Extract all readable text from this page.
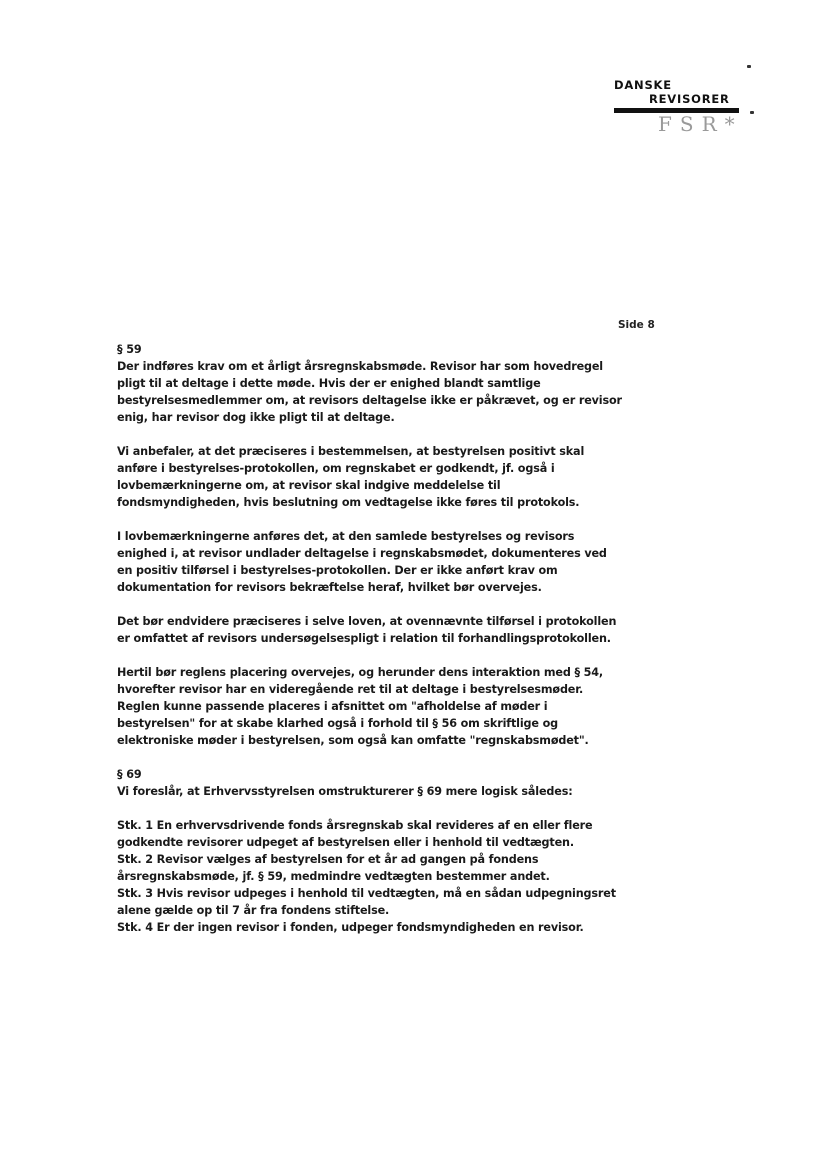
DANSKE
REVISORER
FSR*
Side 8
§ 59
Der indføres krav om et årligt årsregnskabsmøde. Revisor har som hovedregel
pligt til at deltage i dette møde. Hvis der er enighed blandt samtlige
bestyrelsesmedlemmer om, at revisors deltagelse ikke er påkrævet, og er revisor
enig, har revisor dog ikke pligt til at deltage.
Vi anbefaler, at det præciseres i bestemmelsen, at bestyrelsen positivt skal
anføre i bestyrelses-protokollen, om regnskabet er godkendt, jf. også i
lovbemærkningerne om, at revisor skal indgive meddelelse til
fondsmyndigheden, hvis beslutning om vedtagelse ikke føres til protokols.
I lovbemærkningerne anføres det, at den samlede bestyrelses og revisors
enighed i, at revisor undlader deltagelse i regnskabsmødet, dokumenteres ved
en positiv tilførsel i bestyrelses-protokollen. Der er ikke anført krav om
dokumentation for revisors bekræftelse heraf, hvilket bør overvejes.
Det bør endvidere præciseres i selve loven, at ovennævnte tilførsel i protokollen
er omfattet af revisors undersøgelsespligt i relation til forhandlingsprotokollen.
Hertil bør reglens placering overvejes, og herunder dens interaktion med § 54,
hvorefter revisor har en videregående ret til at deltage i bestyrelsesmøder.
Reglen kunne passende placeres i afsnittet om "afholdelse af møder i
bestyrelsen" for at skabe klarhed også i forhold til § 56 om skriftlige og
elektroniske møder i bestyrelsen, som også kan omfatte "regnskabsmødet".
§ 69
Vi foreslår, at Erhvervsstyrelsen omstrukturerer § 69 mere logisk således:
Stk. 1 En erhvervsdrivende fonds årsregnskab skal revideres af en eller flere
godkendte revisorer udpeget af bestyrelsen eller i henhold til vedtægten.
Stk. 2 Revisor vælges af bestyrelsen for et år ad gangen på fondens
årsregnskabsmøde, jf. § 59, medmindre vedtægten bestemmer andet.
Stk. 3 Hvis revisor udpeges i henhold til vedtægten, må en sådan udpegningsret
alene gælde op til 7 år fra fondens stiftelse.
Stk. 4 Er der ingen revisor i fonden, udpeger fondsmyndigheden en revisor.
